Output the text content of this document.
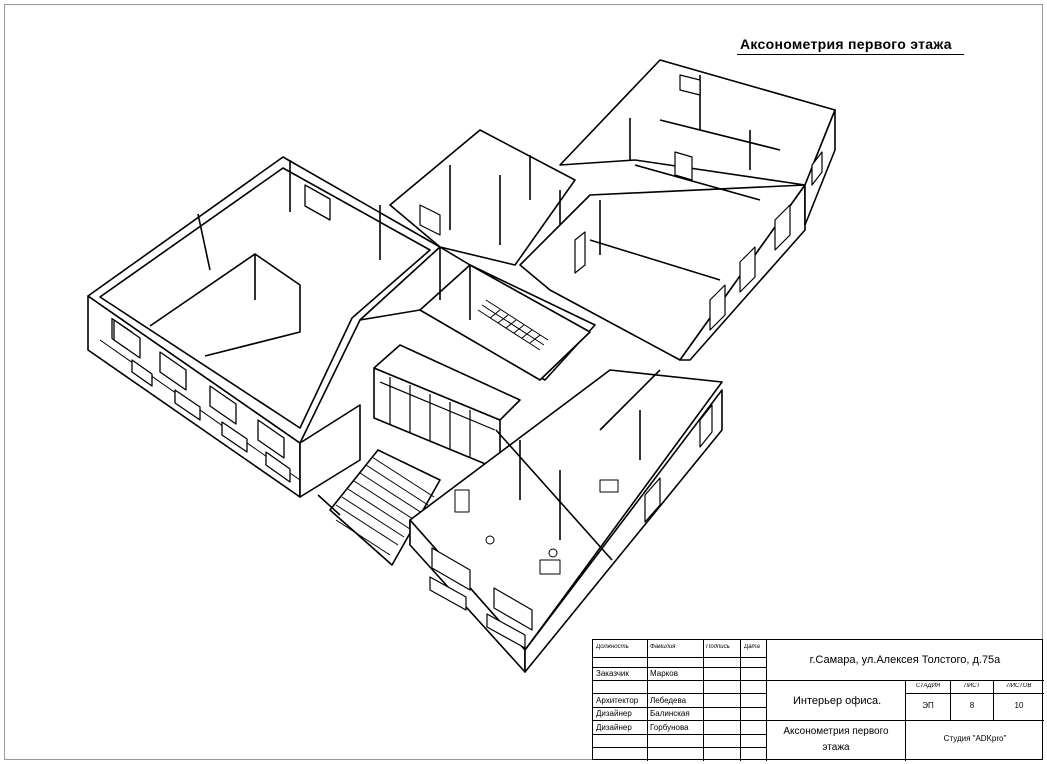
Аксонометрия первого этажа
Должность	Фамилия	Подпись	Дата
Заказчик	Марков
Архитектор	Лебедева
Дизайнер	Балинская
Дизайнер	Горбунова
г.Самара, ул.Алексея Толстого, д.75а
Интерьер офиса.
СТАДИЯ	ЛИСТ	ЛИСТОВ
ЭП	8	10
Аксонометрия первого этажа
Студия "ADKpro"
